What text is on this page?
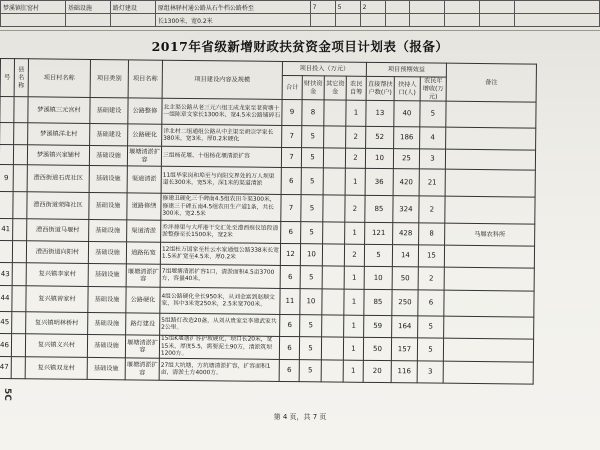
梦溪镇肛窑村	基础设施	路灯建设	原组林驿村通公路从石牛档公路桥至	7	5	2					
			长1300米，宽0.2米								
2017年省级新增财政扶贫资金项目计划表（报备）
号	县名称	项目村名称	项目类别	项目名称	项目建设内容及规模	项目投入（万元）				项目预期效益			备注
						合计	财扶资金	其它资金	农民自筹	直接帮扶户数(户)	扶持人口(人)	农民年增收(万元)	
		梦溪镇三元宫村	基础建设	公路整修	北主渠公路从老三元六组王成龙家至老荷塘十一组陈章文家长1300米、宽4.5米公路铺碎石	9	8		1	13	40	5	
		梦溪镇洋北村	基础建设	公路硬化	洋北村二组通组公路从中主渠至胡宗学家长380米，宽3米，厚0.2米硬化	7	5		2	52	186	4	
		梦溪镇兴家铺村	基础设施	堰塘清淤扩容	三组杨花堰、十组杨花堰清淤扩容	7	5		2	10	25	3	
9		澧西街道石虎社区	基础设施	渠道清淤	11组毕家岗和埠至与向阳交界处的万人坝渠道长300米，宽5米，深1米的渠道清淤	6	5		1	36	420	21	
		澧西街道荣隆社区	基础设施	道路修缮	修建丑硬化三千碑南4.5组农田斗渠300米，修建三千碑五南4.5组农田生产道1条，共长300米，宽2.5米	7	5		2	85	324	2	
41		澧西街道马堰村	基础设施	渠道清淤	乔泮排渠与大坪港干交汇处至澧西殡仪馆段清淤整修至长1500米，宽2米	6	5		1	121	428	8	马堰农科所
		澧西街道向阳村	基础设施	道路拓宽	12组杜万国家至杜云水家通组公路338米长宽1.5米扩宽至4.5米，厚0.2米	12	10		2	5	14	15	
43		复兴镇李家村	基础设施	堰塘清淤扩容	7组堰塘清淤扩容1口，清淤面积4.5亩3700方，容量40米。	6	5		1	10	50	2	
44		复兴镇曾家村	基础设施	公路硬化	4组公路硬化全长950米，从刘金富到赵顺文家，其中3米宽250米，2.5米宽700米。	11	10		1	85	250	6	
45		复兴镇明林桥村	基础设施	路灯建设	5组路灯改造20盏，从刘从贵家至李建武家共2公里。	6	5		1	59	164	5	
46		复兴镇义兴村	基础设施	堰塘清淤扩容	15组K堰塘扩容护坡硬化，坝口长20米，宽15米，厚度5.5，需要泥土90方，清淤筑坝1200方。	6	5		1	50	157	5	
47		复兴镇双龙村	基础设施	堰塘清淤扩容	27组大坑塘，方坑塘清淤扩容，扩容面积1亩，清淤土方4000方。	6	5		1	20	116	3	
5C
第 4 页，共 7 页
